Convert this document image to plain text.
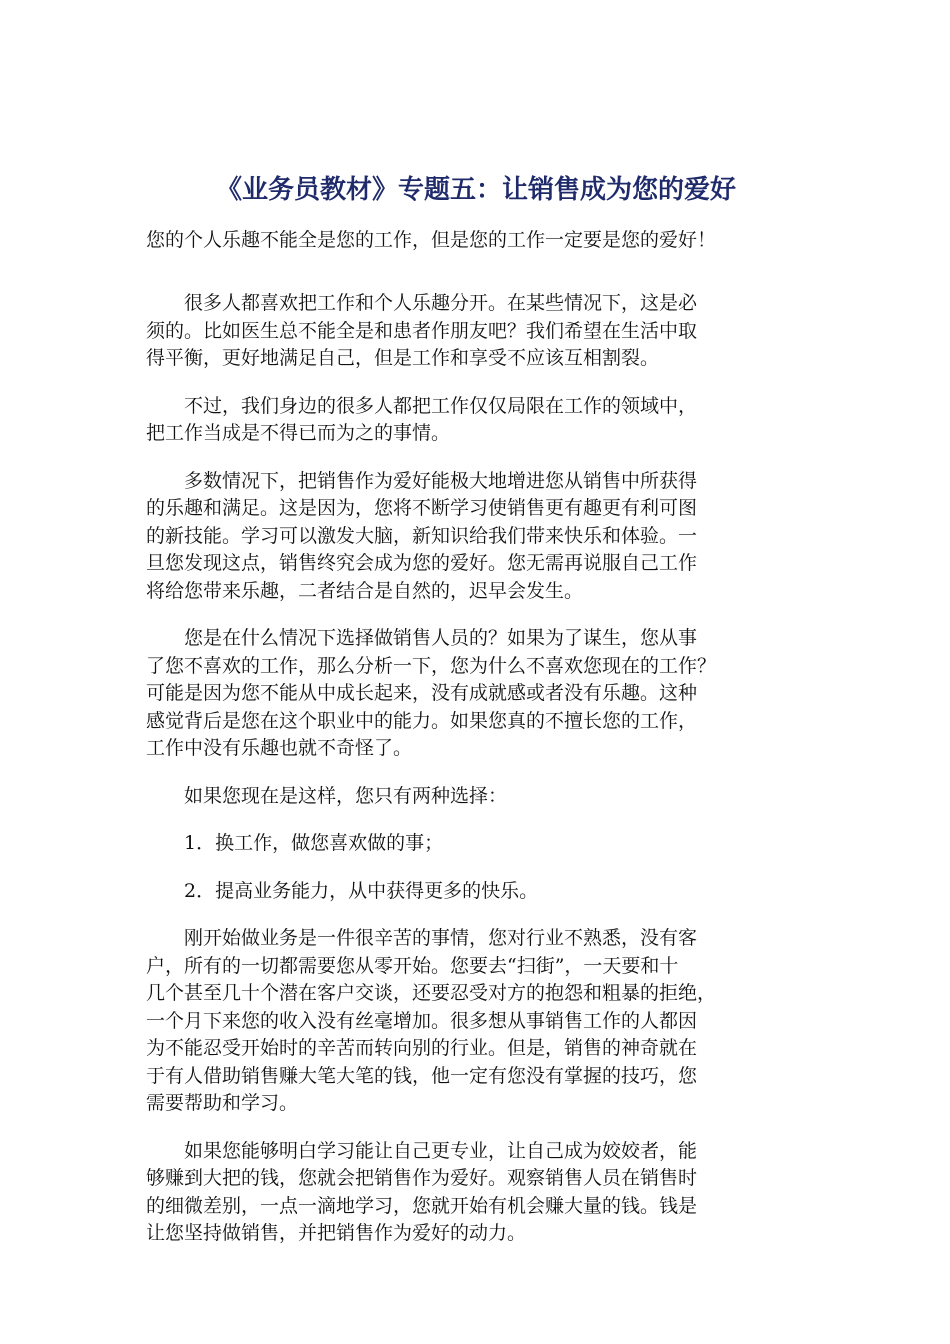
《业务员教材》专题五：让销售成为您的爱好

您的个人乐趣不能全是您的工作，但是您的工作一定要是您的爱好！

很多人都喜欢把工作和个人乐趣分开。在某些情况下，这是必
须的。比如医生总不能全是和患者作朋友吧？我们希望在生活中取
得平衡，更好地满足自己，但是工作和享受不应该互相割裂。

不过，我们身边的很多人都把工作仅仅局限在工作的领域中，
把工作当成是不得已而为之的事情。

多数情况下，把销售作为爱好能极大地增进您从销售中所获得
的乐趣和满足。这是因为，您将不断学习使销售更有趣更有利可图
的新技能。学习可以激发大脑，新知识给我们带来快乐和体验。一
旦您发现这点，销售终究会成为您的爱好。您无需再说服自己工作
将给您带来乐趣，二者结合是自然的，迟早会发生。

您是在什么情况下选择做销售人员的？如果为了谋生，您从事
了您不喜欢的工作，那么分析一下，您为什么不喜欢您现在的工作？
可能是因为您不能从中成长起来，没有成就感或者没有乐趣。这种
感觉背后是您在这个职业中的能力。如果您真的不擅长您的工作，
工作中没有乐趣也就不奇怪了。

如果您现在是这样，您只有两种选择：

1．换工作，做您喜欢做的事；

2．提高业务能力，从中获得更多的快乐。

刚开始做业务是一件很辛苦的事情，您对行业不熟悉，没有客
户，所有的一切都需要您从零开始。您要去“扫街”，一天要和十
几个甚至几十个潜在客户交谈，还要忍受对方的抱怨和粗暴的拒绝，
一个月下来您的收入没有丝毫增加。很多想从事销售工作的人都因
为不能忍受开始时的辛苦而转向别的行业。但是，销售的神奇就在
于有人借助销售赚大笔大笔的钱，他一定有您没有掌握的技巧，您
需要帮助和学习。

如果您能够明白学习能让自己更专业，让自己成为姣姣者，能
够赚到大把的钱，您就会把销售作为爱好。观察销售人员在销售时
的细微差别，一点一滴地学习，您就开始有机会赚大量的钱。钱是
让您坚持做销售，并把销售作为爱好的动力。
